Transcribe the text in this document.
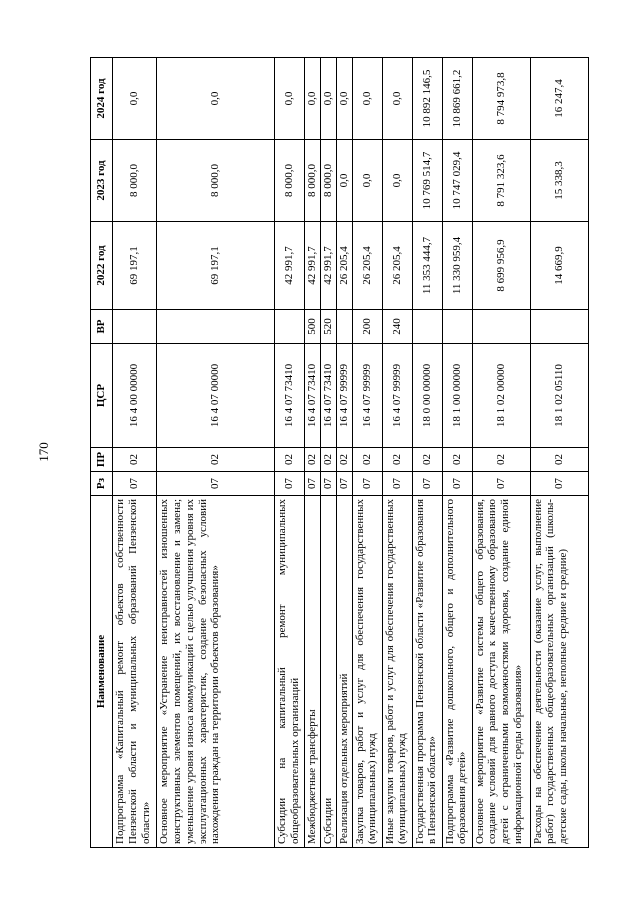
170
Наименование	Рз	ПР	ЦСР	ВР	2022 год	2023 год	2024 год
Подпрограмма «Капитальный ремонт объектов собственности Пензенской области и муниципальных образований Пензенской области»	07	02	16 4 00 00000		69 197,1	8 000,0	0,0
Основное мероприятие «Устранение неисправностей изношенных конструктивных элементов помещений, их восстановление и замена; уменьшение уровня износа коммуникаций с целью улучшения уровня их эксплуатационных характеристик, создание безопасных условий нахождения граждан на территории объектов образования»	07	02	16 4 07 00000		69 197,1	8 000,0	0,0
Субсидии на капитальный ремонт муниципальных общеобразовательных организаций	07	02	16 4 07 73410		42 991,7	8 000,0	0,0
Межбюджетные трансферты	07	02	16 4 07 73410	500	42 991,7	8 000,0	0,0
Субсидии	07	02	16 4 07 73410	520	42 991,7	8 000,0	0,0
Реализация отдельных мероприятий	07	02	16 4 07 99999		26 205,4	0,0	0,0
Закупка товаров, работ и услуг для обеспечения государственных (муниципальных) нужд	07	02	16 4 07 99999	200	26 205,4	0,0	0,0
Иные закупки товаров, работ и услуг для обеспечения государственных (муниципальных) нужд	07	02	16 4 07 99999	240	26 205,4	0,0	0,0
Государственная программа Пензенской области «Развитие образования в Пензенской области»	07	02	18 0 00 00000		11 353 444,7	10 769 514,7	10 892 146,5
Подпрограмма «Развитие дошкольного, общего и дополнительного образования детей»	07	02	18 1 00 00000		11 330 959,4	10 747 029,4	10 869 661,2
Основное мероприятие «Развитие системы общего образования, создание условий для равного доступа к качественному образованию детей с ограниченными возможностями здоровья, создание единой информационной среды образования»	07	02	18 1 02 00000		8 699 956,9	8 791 323,6	8 794 973,8
Расходы на обеспечение деятельности (оказание услуг, выполнение работ) государственных общеобразовательных организаций (школы-детские сады, школы начальные, неполные средние и средние)	07	02	18 1 02 05110		14 669,9	15 338,3	16 247,4
